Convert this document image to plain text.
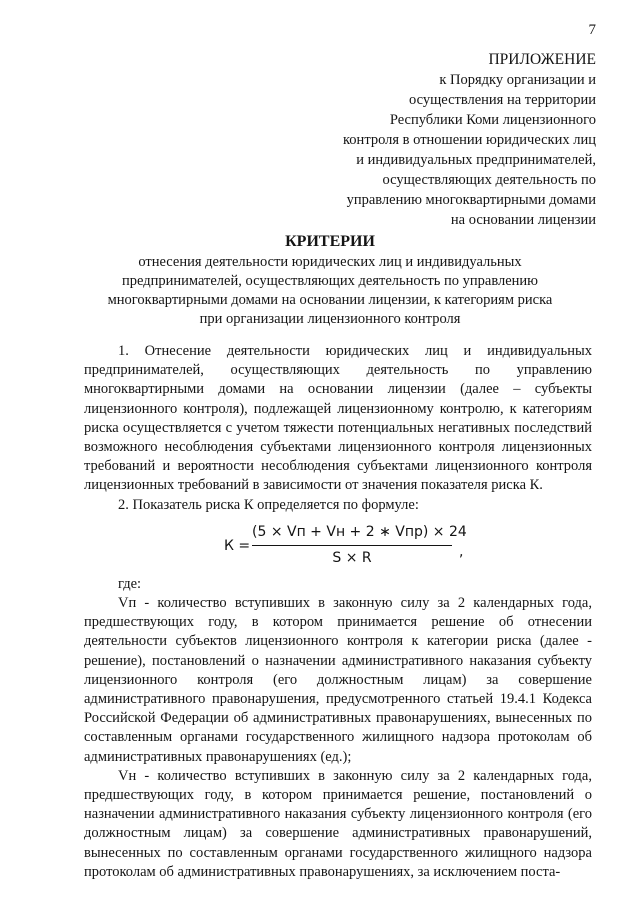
7
ПРИЛОЖЕНИЕ
к Порядку организации и
осуществления на территории
Республики Коми лицензионного
контроля в отношении юридических лиц
и индивидуальных предпринимателей,
осуществляющих деятельность по
управлению многоквартирными домами
на основании лицензии
КРИТЕРИИ
отнесения деятельности юридических лиц и индивидуальных предпринимателей, осуществляющих деятельность по управлению многоквартирными домами на основании лицензии, к категориям риска при организации лицензионного контроля

1. Отнесение деятельности юридических лиц и индивидуальных предпринимателей, осуществляющих деятельность по управлению многоквартирными домами на основании лицензии (далее – субъекты лицензионного контроля), подлежащей лицензионному контролю, к категориям риска осуществляется с учетом тяжести потенциальных негативных последствий возможного несоблюдения субъектами лицензионного контроля лицензионных требований и вероятности несоблюдения субъектами лицензионного контроля лицензионных требований в зависимости от значения показателя риска К.

2. Показатель риска К определяется по формуле:

К =
(5 × Vп + Vн + 2 ∗ Vпр) × 24
S × R	,

где:

Vп - количество вступивших в законную силу за 2 календарных года, предшествующих году, в котором принимается решение об отнесении деятельности субъектов лицензионного контроля к категории риска (далее - решение), постановлений о назначении административного наказания субъекту лицензионного контроля (его должностным лицам) за совершение административного правонарушения, предусмотренного статьей 19.4.1 Кодекса Российской Федерации об административных правонарушениях, вынесенных по составленным органами государственного жилищного надзора протоколам об административных правонарушениях (ед.);

Vн - количество вступивших в законную силу за 2 календарных года, предшествующих году, в котором принимается решение, постановлений о назначении административного наказания субъекту лицензионного контроля (его должностным лицам) за совершение административных правонарушений, вынесенных по составленным органами государственного жилищного надзора протоколам об административных правонарушениях, за исключением поста-
